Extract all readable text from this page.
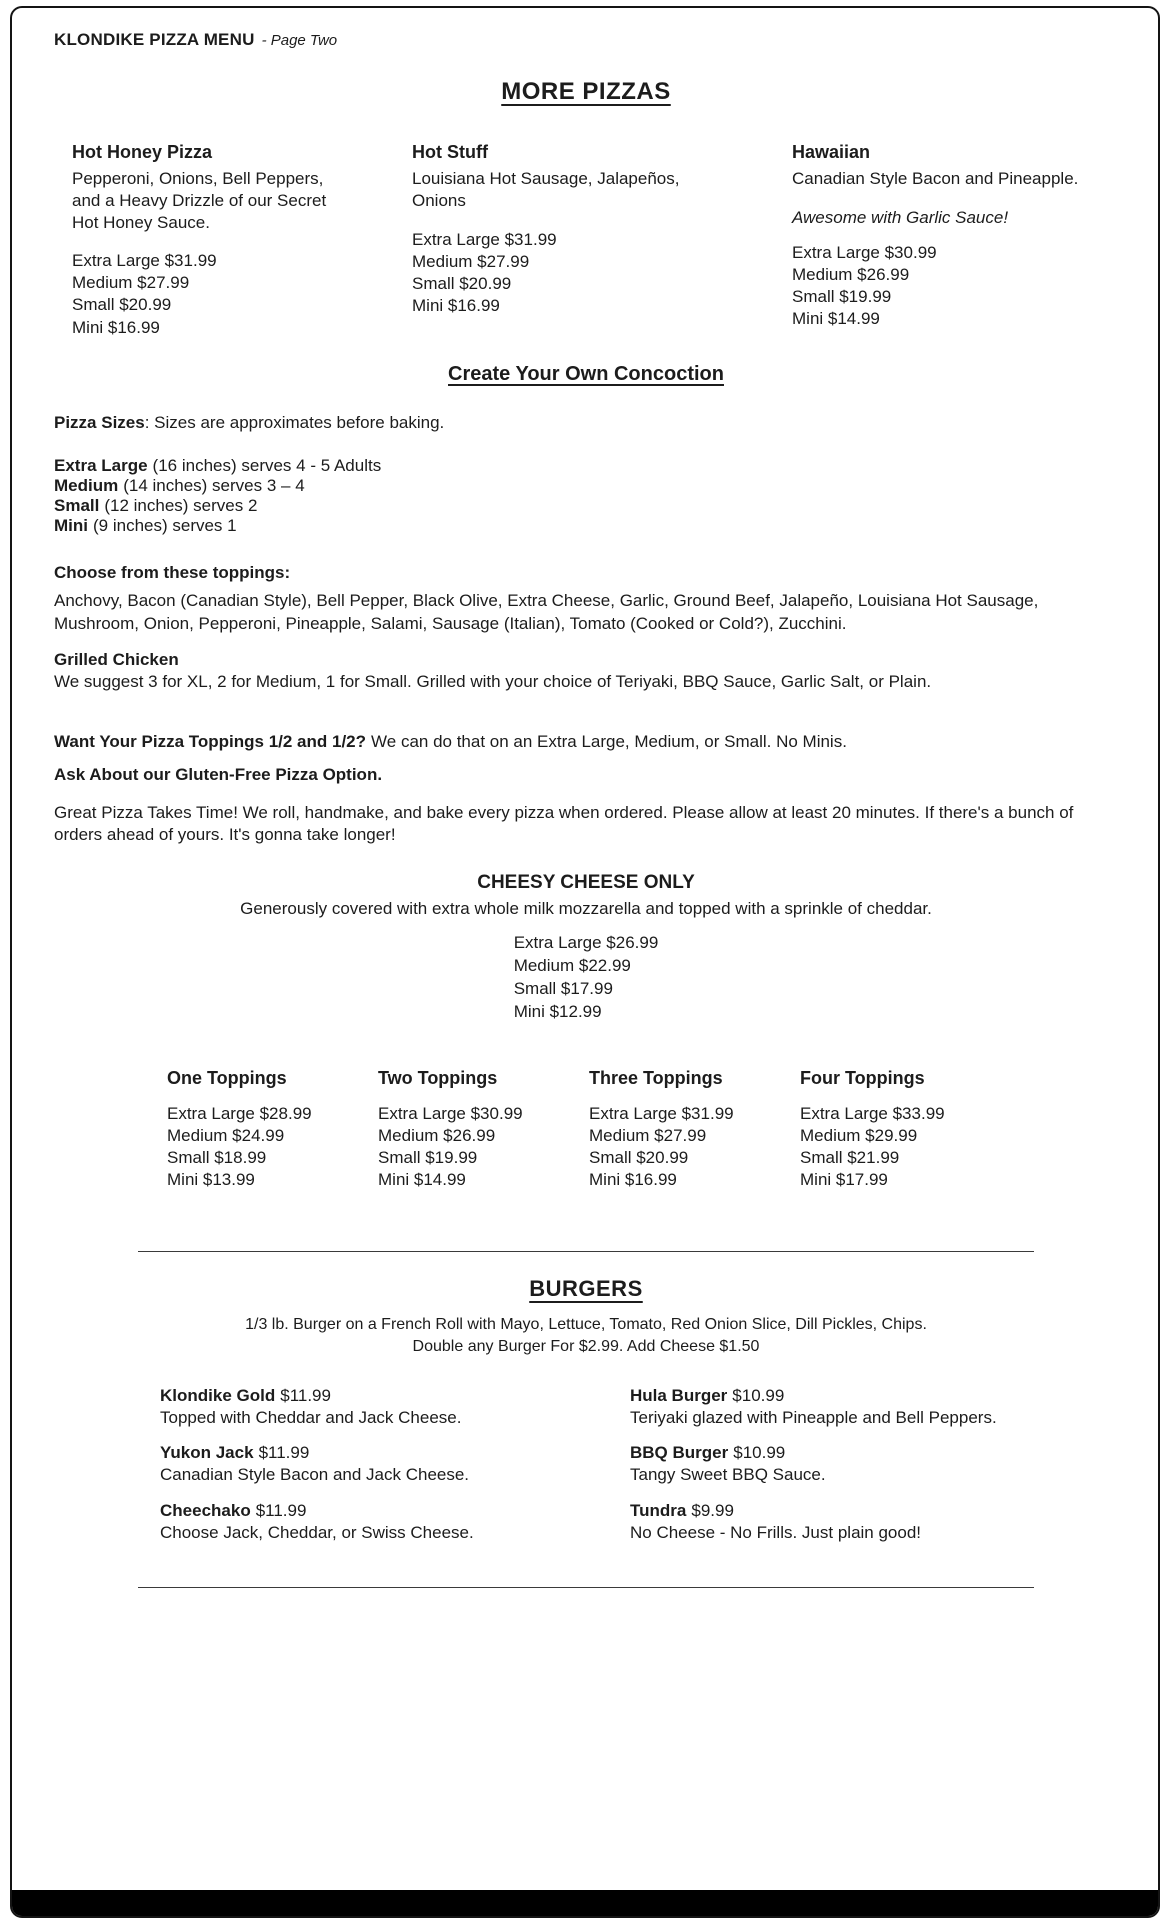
KLONDIKE PIZZA MENU - Page Two
MORE PIZZAS
Hot Honey Pizza

Pepperoni, Onions, Bell Peppers, and a Heavy Drizzle of our Secret Hot Honey Sauce.

Extra Large $31.99
Medium $27.99
Small $20.99
Mini $16.99
Hot Stuff

Louisiana Hot Sausage, Jalapeños, Onions

Extra Large $31.99
Medium $27.99
Small $20.99
Mini $16.99
Hawaiian

Canadian Style Bacon and Pineapple.

Awesome with Garlic Sauce!
Extra Large $30.99
Medium $26.99
Small $19.99
Mini $14.99
Create Your Own Concoction
Pizza Sizes: Sizes are approximates before baking.
Extra Large (16 inches) serves 4 - 5 Adults
Medium (14 inches) serves 3 – 4
Small (12 inches) serves 2
Mini (9 inches) serves 1
Choose from these toppings:
Anchovy, Bacon (Canadian Style), Bell Pepper, Black Olive, Extra Cheese, Garlic, Ground Beef, Jalapeño, Louisiana Hot Sausage, Mushroom, Onion, Pepperoni, Pineapple, Salami, Sausage (Italian), Tomato (Cooked or Cold?), Zucchini.
Grilled Chicken
We suggest 3 for XL, 2 for Medium, 1 for Small. Grilled with your choice of Teriyaki, BBQ Sauce, Garlic Salt, or Plain.
Want Your Pizza Toppings 1/2 and 1/2? We can do that on an Extra Large, Medium, or Small. No Minis.
Ask About our Gluten-Free Pizza Option.
Great Pizza Takes Time! We roll, handmake, and bake every pizza when ordered. Please allow at least 20 minutes. If there's a bunch of orders ahead of yours. It's gonna take longer!
CHEESY CHEESE ONLY
Generously covered with extra whole milk mozzarella and topped with a sprinkle of cheddar.
Extra Large $26.99
Medium $22.99
Small $17.99
Mini $12.99
One Toppings
Extra Large $28.99
Medium $24.99
Small $18.99
Mini $13.99
Two Toppings
Extra Large $30.99
Medium $26.99
Small $19.99
Mini $14.99
Three Toppings
Extra Large $31.99
Medium $27.99
Small $20.99
Mini $16.99
Four Toppings
Extra Large $33.99
Medium $29.99
Small $21.99
Mini $17.99
BURGERS
1/3 lb. Burger on a French Roll with Mayo, Lettuce, Tomato, Red Onion Slice, Dill Pickles, Chips.
Double any Burger For $2.99. Add Cheese $1.50
Klondike Gold $11.99
Topped with Cheddar and Jack Cheese.
Yukon Jack $11.99
Canadian Style Bacon and Jack Cheese.
Cheechako $11.99
Choose Jack, Cheddar, or Swiss Cheese.
Hula Burger $10.99
Teriyaki glazed with Pineapple and Bell Peppers.
BBQ Burger $10.99
Tangy Sweet BBQ Sauce.
Tundra $9.99
No Cheese - No Frills. Just plain good!
